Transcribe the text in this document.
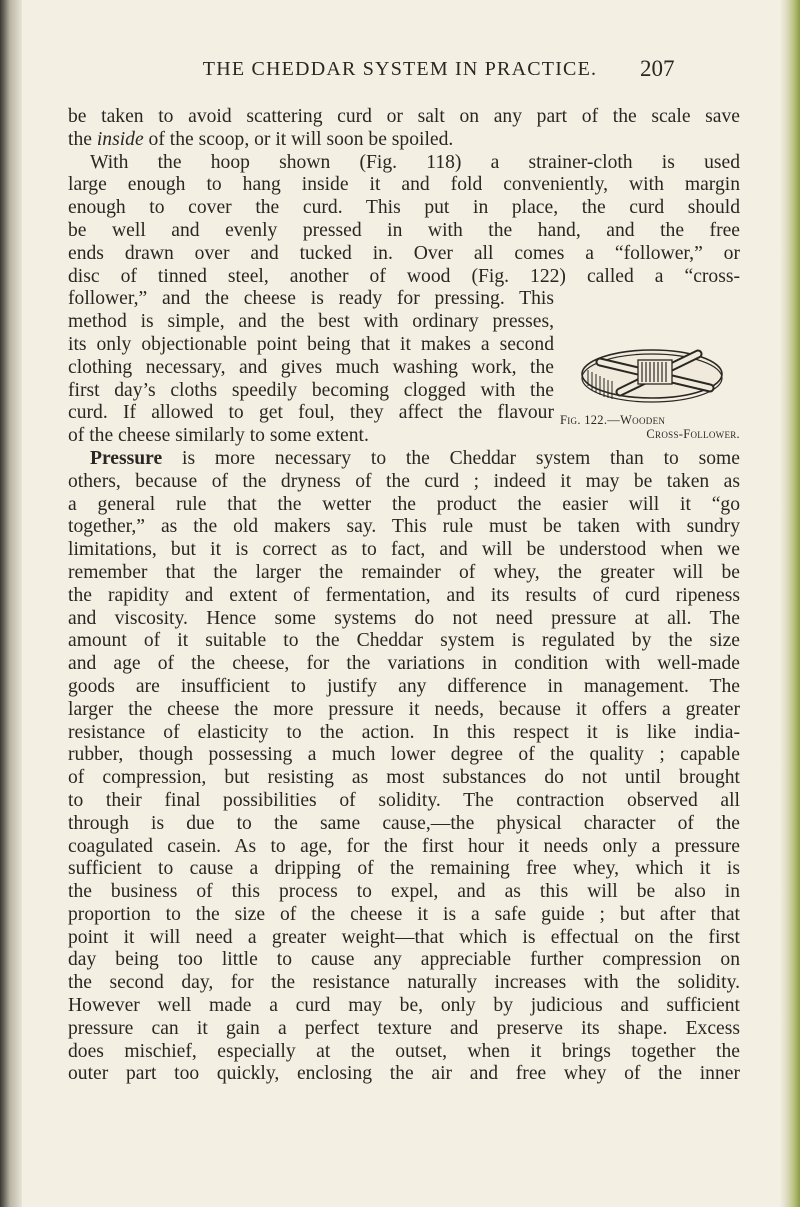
THE CHEDDAR SYSTEM IN PRACTICE. 207

be taken to avoid scattering curd or salt on any part of the scale save

the inside of the scoop, or it will soon be spoiled.

With the hoop shown (Fig. 118) a strainer-cloth is used

large enough to hang inside it and fold conveniently, with margin

enough to cover the curd. This put in place, the curd should

be well and evenly pressed in with the hand, and the free

ends drawn over and tucked in. Over all comes a “follower,” or

disc of tinned steel, another of wood (Fig. 122) called a “cross-

follower,” and the cheese is ready for pressing. This

method is simple, and the best with ordinary presses,

its only objectionable point being that it makes a second

clothing necessary, and gives much washing work, the

first day’s cloths speedily becoming clogged with the

curd. If allowed to get foul, they affect the flavour

of the cheese similarly to some extent.

Pressure is more necessary to the Cheddar system than to some

others, because of the dryness of the curd ; indeed it may be taken as

a general rule that the wetter the product the easier will it “go

together,” as the old makers say. This rule must be taken with sundry

limitations, but it is correct as to fact, and will be understood when we

remember that the larger the remainder of whey, the greater will be

the rapidity and extent of fermentation, and its results of curd ripeness

and viscosity. Hence some systems do not need pressure at all. The

amount of it suitable to the Cheddar system is regulated by the size

and age of the cheese, for the variations in condition with well-made

goods are insufficient to justify any difference in management. The

larger the cheese the more pressure it needs, because it offers a greater

resistance of elasticity to the action. In this respect it is like india-

rubber, though possessing a much lower degree of the quality ; capable

of compression, but resisting as most substances do not until brought

to their final possibilities of solidity. The contraction observed all

through is due to the same cause,—the physical character of the

coagulated casein. As to age, for the first hour it needs only a pressure

sufficient to cause a dripping of the remaining free whey, which it is

the business of this process to expel, and as this will be also in

proportion to the size of the cheese it is a safe guide ; but after that

point it will need a greater weight—that which is effectual on the first

day being too little to cause any appreciable further compression on

the second day, for the resistance naturally increases with the solidity.

However well made a curd may be, only by judicious and sufficient

pressure can it gain a perfect texture and preserve its shape. Excess

does mischief, especially at the outset, when it brings together the

outer part too quickly, enclosing the air and free whey of the inner

Fig. 122.—Wooden
Cross-Follower.
